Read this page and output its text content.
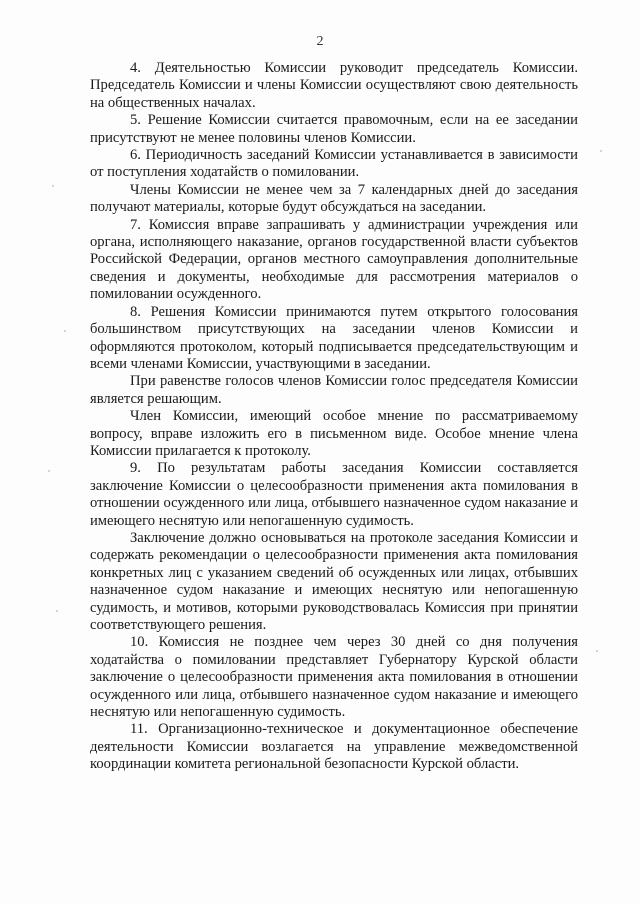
2

4. Деятельностью Комиссии руководит председатель Комиссии. Председатель Комиссии и члены Комиссии осуществляют свою деятельность на общественных началах.

5. Решение Комиссии считается правомочным, если на ее заседании присутствуют не менее половины членов Комиссии.

6. Периодичность заседаний Комиссии устанавливается в зависимости от поступления ходатайств о помиловании.

Члены Комиссии не менее чем за 7 календарных дней до заседания получают материалы, которые будут обсуждаться на заседании.

7. Комиссия вправе запрашивать у администрации учреждения или органа, исполняющего наказание, органов государственной власти субъектов Российской Федерации, органов местного самоуправления дополнительные сведения и документы, необходимые для рассмотрения материалов о помиловании осужденного.

8. Решения Комиссии принимаются путем открытого голосования большинством присутствующих на заседании членов Комиссии и оформляются протоколом, который подписывается председательствующим и всеми членами Комиссии, участвующими в заседании.

При равенстве голосов членов Комиссии голос председателя Комиссии является решающим.

Член Комиссии, имеющий особое мнение по рассматриваемому вопросу, вправе изложить его в письменном виде. Особое мнение члена Комиссии прилагается к протоколу.

9. По результатам работы заседания Комиссии составляется заключение Комиссии о целесообразности применения акта помилования в отношении осужденного или лица, отбывшего назначенное судом наказание и имеющего неснятую или непогашенную судимость.

Заключение должно основываться на протоколе заседания Комиссии и содержать рекомендации о целесообразности применения акта помилования конкретных лиц с указанием сведений об осужденных или лицах, отбывших назначенное судом наказание и имеющих неснятую или непогашенную судимость, и мотивов, которыми руководствовалась Комиссия при принятии соответствующего решения.

10. Комиссия не позднее чем через 30 дней со дня получения ходатайства о помиловании представляет Губернатору Курской области заключение о целесообразности применения акта помилования в отношении осужденного или лица, отбывшего назначенное судом наказание и имеющего неснятую или непогашенную судимость.

11. Организационно-техническое и документационное обеспечение деятельности Комиссии возлагается на управление межведомственной координации комитета региональной безопасности Курской области.
